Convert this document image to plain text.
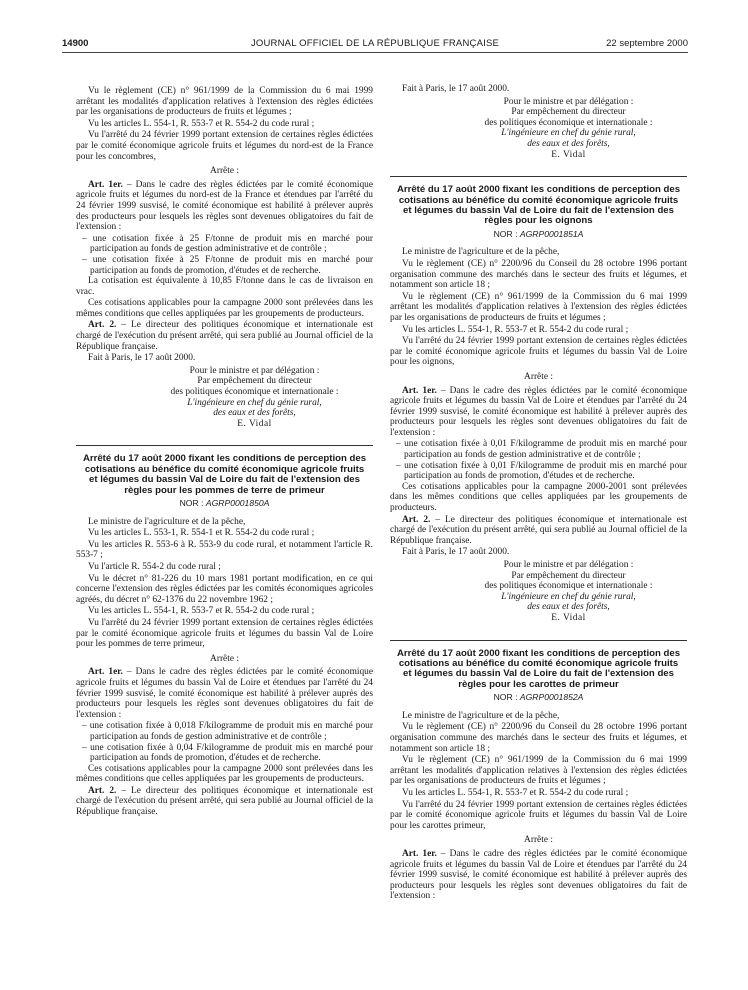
14900	JOURNAL OFFICIEL DE LA RÉPUBLIQUE FRANÇAISE	22 septembre 2000

Vu le règlement (CE) n° 961/1999 de la Commission du 6 mai 1999 arrêtant les modalités d'application relatives à l'extension des règles édictées par les organisations de producteurs de fruits et légumes ;

Vu les articles L. 554-1, R. 553-7 et R. 554-2 du code rural ;

Vu l'arrêté du 24 février 1999 portant extension de certaines règles édictées par le comité économique agricole fruits et légumes du nord-est de la France pour les concombres,

Arrête :

Art. 1er. – Dans le cadre des règles édictées par le comité économique agricole fruits et légumes du nord-est de la France et étendues par l'arrêté du 24 février 1999 susvisé, le comité économique est habilité à prélever auprès des producteurs pour lesquels les règles sont devenues obligatoires du fait de l'extension :

– une cotisation fixée à 25 F/tonne de produit mis en marché pour participation au fonds de gestion administrative et de contrôle ;
– une cotisation fixée à 25 F/tonne de produit mis en marché pour participation au fonds de promotion, d'études et de recherche.

La cotisation est équivalente à 10,85 F/tonne dans le cas de livraison en vrac.

Ces cotisations applicables pour la campagne 2000 sont prélevées dans les mêmes conditions que celles appliquées par les groupements de producteurs.

Art. 2. – Le directeur des politiques économique et internationale est chargé de l'exécution du présent arrêté, qui sera publié au Journal officiel de la République française.

Fait à Paris, le 17 août 2000.

Pour le ministre et par délégation :
Par empêchement du directeur
des politiques économique et internationale :
L'ingénieure en chef du génie rural,
des eaux et des forêts,
E. Vidal
Arrêté du 17 août 2000 fixant les conditions de perception des cotisations au bénéfice du comité économique agricole fruits et légumes du bassin Val de Loire du fait de l'extension des règles pour les pommes de terre de primeur
NOR : AGRP0001850A

Le ministre de l'agriculture et de la pêche,

Vu les articles L. 553-1, R. 554-1 et R. 554-2 du code rural ;

Vu les articles R. 553-6 à R. 553-9 du code rural, et notamment l'article R. 553-7 ;

Vu l'article R. 554-2 du code rural ;

Vu le décret n° 81-226 du 10 mars 1981 portant modification, en ce qui concerne l'extension des règles édictées par les comités économiques agricoles agréés, du décret n° 62-1376 du 22 novembre 1962 ;

Vu les articles L. 554-1, R. 553-7 et R. 554-2 du code rural ;

Vu l'arrêté du 24 février 1999 portant extension de certaines règles édictées par le comité économique agricole fruits et légumes du bassin Val de Loire pour les pommes de terre primeur,

Arrête :

Art. 1er. – Dans le cadre des règles édictées par le comité économique agricole fruits et légumes du bassin Val de Loire et étendues par l'arrêté du 24 février 1999 susvisé, le comité économique est habilité à prélever auprès des producteurs pour lesquels les règles sont devenues obligatoires du fait de l'extension :

– une cotisation fixée à 0,018 F/kilogramme de produit mis en marché pour participation au fonds de gestion administrative et de contrôle ;
– une cotisation fixée à 0,04 F/kilogramme de produit mis en marché pour participation au fonds de promotion, d'études et de recherche.

Ces cotisations applicables pour la campagne 2000 sont prélevées dans les mêmes conditions que celles appliquées par les groupements de producteurs.

Art. 2. – Le directeur des politiques économique et internationale est chargé de l'exécution du présent arrêté, qui sera publié au Journal officiel de la République française.

Fait à Paris, le 17 août 2000.

Pour le ministre et par délégation :
Par empêchement du directeur
des politiques économique et internationale :
L'ingénieure en chef du génie rural,
des eaux et des forêts,
E. Vidal
Arrêté du 17 août 2000 fixant les conditions de perception des cotisations au bénéfice du comité économique agricole fruits et légumes du bassin Val de Loire du fait de l'extension des règles pour les oignons
NOR : AGRP0001851A

Le ministre de l'agriculture et de la pêche,

Vu le règlement (CE) n° 2200/96 du Conseil du 28 octobre 1996 portant organisation commune des marchés dans le secteur des fruits et légumes, et notamment son article 18 ;

Vu le règlement (CE) n° 961/1999 de la Commission du 6 mai 1999 arrêtant les modalités d'application relatives à l'extension des règles édictées par les organisations de producteurs de fruits et légumes ;

Vu les articles L. 554-1, R. 553-7 et R. 554-2 du code rural ;

Vu l'arrêté du 24 février 1999 portant extension de certaines règles édictées par le comité économique agricole fruits et légumes du bassin Val de Loire pour les oignons,

Arrête :

Art. 1er. – Dans le cadre des règles édictées par le comité économique agricole fruits et légumes du bassin Val de Loire et étendues par l'arrêté du 24 février 1999 susvisé, le comité économique est habilité à prélever auprès des producteurs pour lesquels les règles sont devenues obligatoires du fait de l'extension :

– une cotisation fixée à 0,01 F/kilogramme de produit mis en marché pour participation au fonds de gestion administrative et de contrôle ;
– une cotisation fixée à 0,01 F/kilogramme de produit mis en marché pour participation au fonds de promotion, d'études et de recherche.

Ces cotisations applicables pour la campagne 2000-2001 sont prélevées dans les mêmes conditions que celles appliquées par les groupements de producteurs.

Art. 2. – Le directeur des politiques économique et internationale est chargé de l'exécution du présent arrêté, qui sera publié au Journal officiel de la République française.

Fait à Paris, le 17 août 2000.

Pour le ministre et par délégation :
Par empêchement du directeur
des politiques économique et internationale :
L'ingénieure en chef du génie rural,
des eaux et des forêts,
E. Vidal
Arrêté du 17 août 2000 fixant les conditions de perception des cotisations au bénéfice du comité économique agricole fruits et légumes du bassin Val de Loire du fait de l'extension des règles pour les carottes de primeur
NOR : AGRP0001852A

Le ministre de l'agriculture et de la pêche,

Vu le règlement (CE) n° 2200/96 du Conseil du 28 octobre 1996 portant organisation commune des marchés dans le secteur des fruits et légumes, et notamment son article 18 ;

Vu le règlement (CE) n° 961/1999 de la Commission du 6 mai 1999 arrêtant les modalités d'application relatives à l'extension des règles édictées par les organisations de producteurs de fruits et légumes ;

Vu les articles L. 554-1, R. 553-7 et R. 554-2 du code rural ;

Vu l'arrêté du 24 février 1999 portant extension de certaines règles édictées par le comité économique agricole fruits et légumes du bassin Val de Loire pour les carottes primeur,

Arrête :

Art. 1er. – Dans le cadre des règles édictées par le comité économique agricole fruits et légumes du bassin Val de Loire et étendues par l'arrêté du 24 février 1999 susvisé, le comité économique est habilité à prélever auprès des producteurs pour lesquels les règles sont devenues obligatoires du fait de l'extension :
